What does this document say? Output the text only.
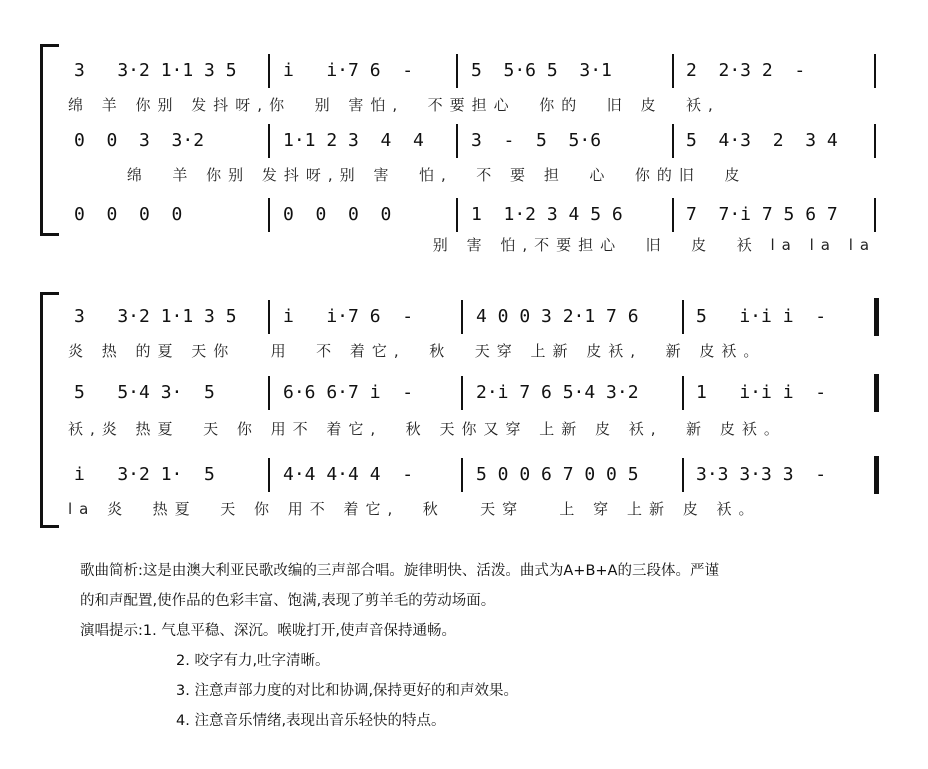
3   3·2 1·1 3 5	i   i·7 6  -	5  5·6 5  3·1	2  2·3 2  -
绵 羊 你别 发抖呀,你  别 害怕,  不要担心  你的  旧 皮  袄,
0  0  3  3·2	1·1 2 3  4  4	3  -  5  5·6	5  4·3  2  3 4
绵  羊 你别 发抖呀,别 害  怕,  不 要 担  心  你的旧  皮
0  0  0  0	0  0  0  0	1  1·2 3 4 5 6	7  7·i 7 5 6 7
别 害 怕,不要担心  旧  皮  袄 la la la
3   3·2 1·1 3 5	i   i·7 6  -	4 0 0 3 2·1 7 6	5   i·i i  -
炎 热 的夏 天你   用  不 着它,  秋  天穿 上新 皮袄,  新 皮袄。
5   5·4 3·  5	6·6 6·7 i  -	2·i 7 6 5·4 3·2	1   i·i i  -
袄,炎 热夏  天 你 用不 着它,  秋 天你又穿 上新 皮 袄,  新 皮袄。
i   3·2 1·  5	4·4 4·4 4  -	5 0 0 6 7 0 0 5	3·3 3·3 3  -
la 炎  热夏  天 你 用不 着它,  秋   天穿   上 穿 上新 皮 袄。

歌曲简析:这是由澳大利亚民歌改编的三声部合唱。旋律明快、活泼。曲式为A+B+A的三段体。严谨

的和声配置,使作品的色彩丰富、饱满,表现了剪羊毛的劳动场面。

演唱提示:1. 气息平稳、深沉。喉咙打开,使声音保持通畅。

2. 咬字有力,吐字清晰。

3. 注意声部力度的对比和协调,保持更好的和声效果。

4. 注意音乐情绪,表现出音乐轻快的特点。
